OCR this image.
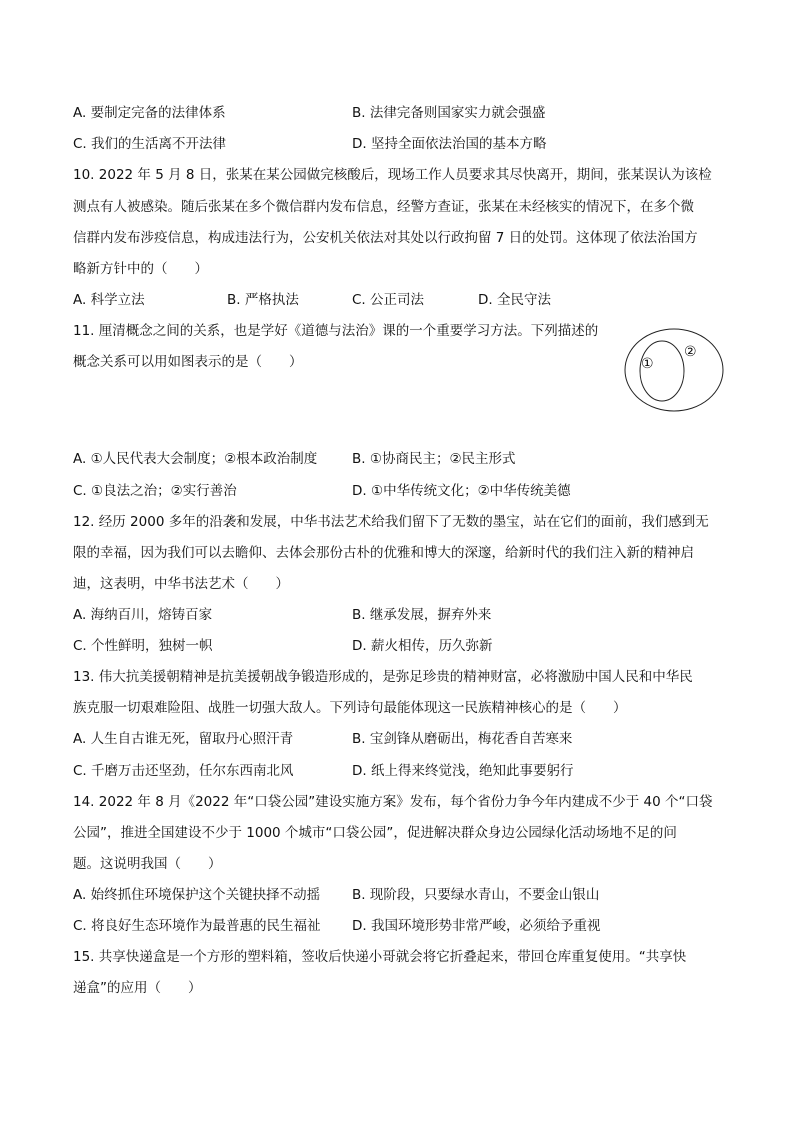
A. 要制定完备的法律体系	B. 法律完备则国家实力就会强盛
C. 我们的生活离不开法律	D. 坚持全面依法治国的基本方略
10. 2022 年 5 月 8 日，张某在某公园做完核酸后，现场工作人员要求其尽快离开，期间，张某误认为该检
测点有人被感染。随后张某在多个微信群内发布信息，经警方查证，张某在未经核实的情况下，在多个微
信群内发布涉疫信息，构成违法行为，公安机关依法对其处以行政拘留 7 日的处罚。这体现了依法治国方
略新方针中的（　　）
A. 科学立法	B. 严格执法	C. 公正司法	D. 全民守法
11. 厘清概念之间的关系，也是学好《道德与法治》课的一个重要学习方法。下列描述的
概念关系可以用如图表示的是（　　）	①
②
A. ①人民代表大会制度；②根本政治制度	B. ①协商民主；②民主形式
C. ①良法之治；②实行善治	D. ①中华传统文化；②中华传统美德
12. 经历 2000 多年的沿袭和发展，中华书法艺术给我们留下了无数的墨宝，站在它们的面前，我们感到无
限的幸福，因为我们可以去瞻仰、去体会那份古朴的优雅和博大的深邃，给新时代的我们注入新的精神启
迪，这表明，中华书法艺术（　　）
A. 海纳百川，熔铸百家	B. 继承发展，摒弃外来
C. 个性鲜明，独树一帜	D. 薪火相传，历久弥新
13. 伟大抗美援朝精神是抗美援朝战争锻造形成的，是弥足珍贵的精神财富，必将激励中国人民和中华民
族克服一切艰难险阻、战胜一切强大敌人。下列诗句最能体现这一民族精神核心的是（　　）
A. 人生自古谁无死，留取丹心照汗青	B. 宝剑锋从磨砺出，梅花香自苦寒来
C. 千磨万击还坚劲，任尔东西南北风	D. 纸上得来终觉浅，绝知此事要躬行
14. 2022 年 8 月《2022 年“口袋公园”建设实施方案》发布，每个省份力争今年内建成不少于 40 个“口袋
公园”，推进全国建设不少于 1000 个城市“口袋公园”，促进解决群众身边公园绿化活动场地不足的问
题。这说明我国（　　）
A. 始终抓住环境保护这个关键抉择不动摇 B. 现阶段，只要绿水青山，不要金山银山
C. 将良好生态环境作为最普惠的民生福祉 D. 我国环境形势非常严峻，必须给予重视
15. 共享快递盒是一个方形的塑料箱，签收后快递小哥就会将它折叠起来，带回仓库重复使用。“共享快
递盒”的应用（　　）
